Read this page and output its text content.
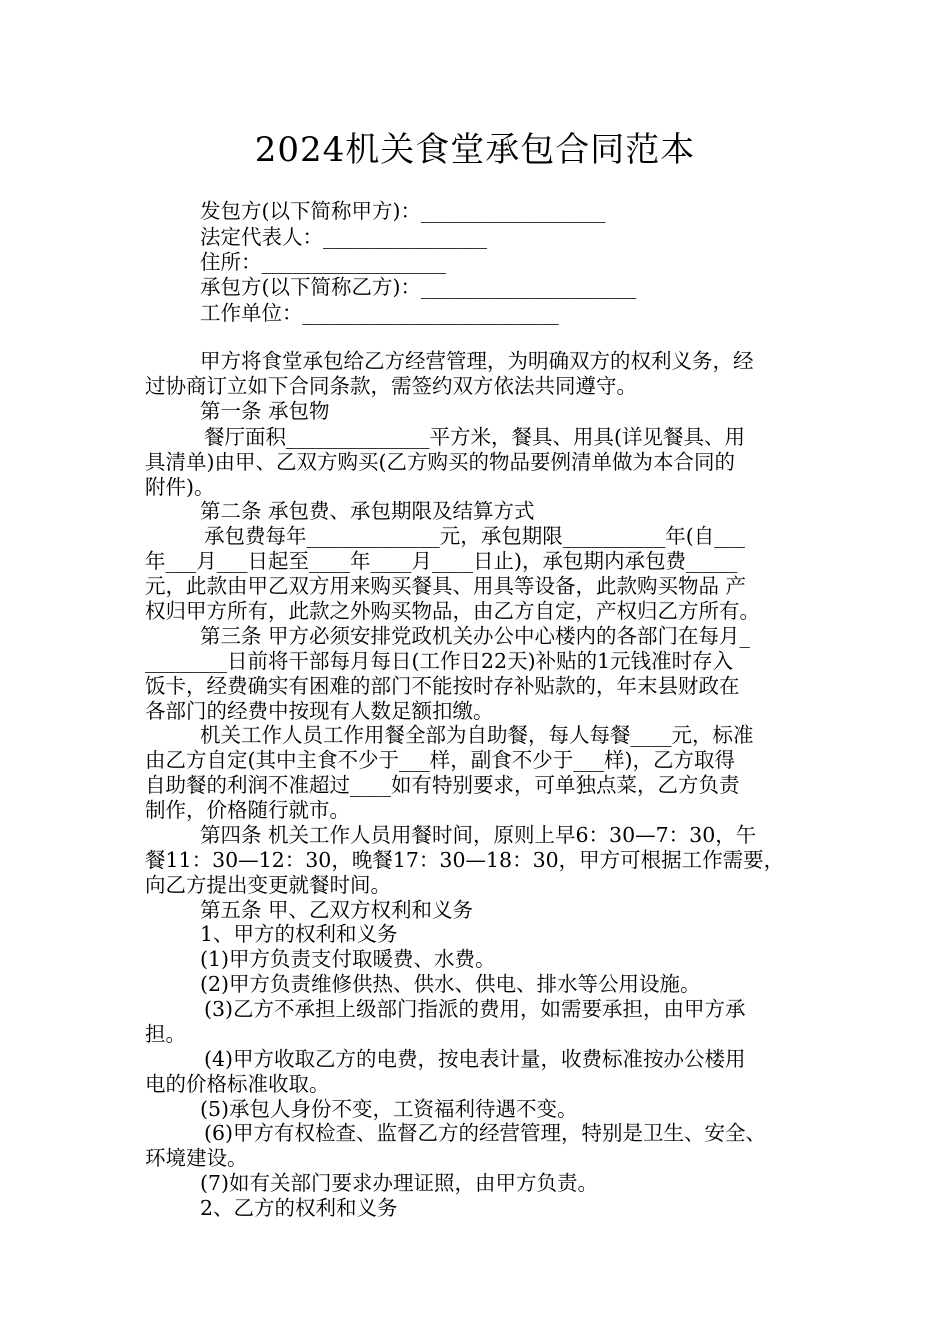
2024机关食堂承包合同范本
发包方(以下简称甲方)：__________________
法定代表人：________________
住所：__________________
承包方(以下简称乙方)：_____________________
工作单位：_________________________
甲方将食堂承包给乙方经营管理，为明确双方的权利义务，经
过协商订立如下合同条款，需签约双方依法共同遵守。
第一条 承包物
餐厅面积______________平方米，餐具、用具(详见餐具、用
具清单)由甲、乙双方购买(乙方购买的物品要例清单做为本合同的
附件)。
第二条 承包费、承包期限及结算方式
承包费每年_____________元，承包期限__________年(自___
年___月___日起至____年____月____日止)，承包期内承包费_____
元，此款由甲乙双方用来购买餐具、用具等设备，此款购买物品 产
权归甲方所有，此款之外购买物品，由乙方自定，产权归乙方所有。
第三条 甲方必须安排党政机关办公中心楼内的各部门在每月_
________日前将干部每月每日(工作日22天)补贴的1元钱准时存入
饭卡，经费确实有困难的部门不能按时存补贴款的，年末县财政在
各部门的经费中按现有人数足额扣缴。
机关工作人员工作用餐全部为自助餐，每人每餐____元，标准
由乙方自定(其中主食不少于___样，副食不少于___样)，乙方取得
自助餐的利润不准超过____如有特别要求，可单独点菜，乙方负责
制作，价格随行就市。
第四条 机关工作人员用餐时间，原则上早6：30—7：30，午
餐11：30—12：30，晚餐17：30—18：30，甲方可根据工作需要，
向乙方提出变更就餐时间。
第五条 甲、乙双方权利和义务
1、甲方的权利和义务
(1)甲方负责支付取暖费、水费。
(2)甲方负责维修供热、供水、供电、排水等公用设施。
(3)乙方不承担上级部门指派的费用，如需要承担，由甲方承
担。
(4)甲方收取乙方的电费，按电表计量，收费标准按办公楼用
电的价格标准收取。
(5)承包人身份不变，工资福利待遇不变。
(6)甲方有权检查、监督乙方的经营管理，特别是卫生、安全、
环境建设。
(7)如有关部门要求办理证照，由甲方负责。
2、乙方的权利和义务
